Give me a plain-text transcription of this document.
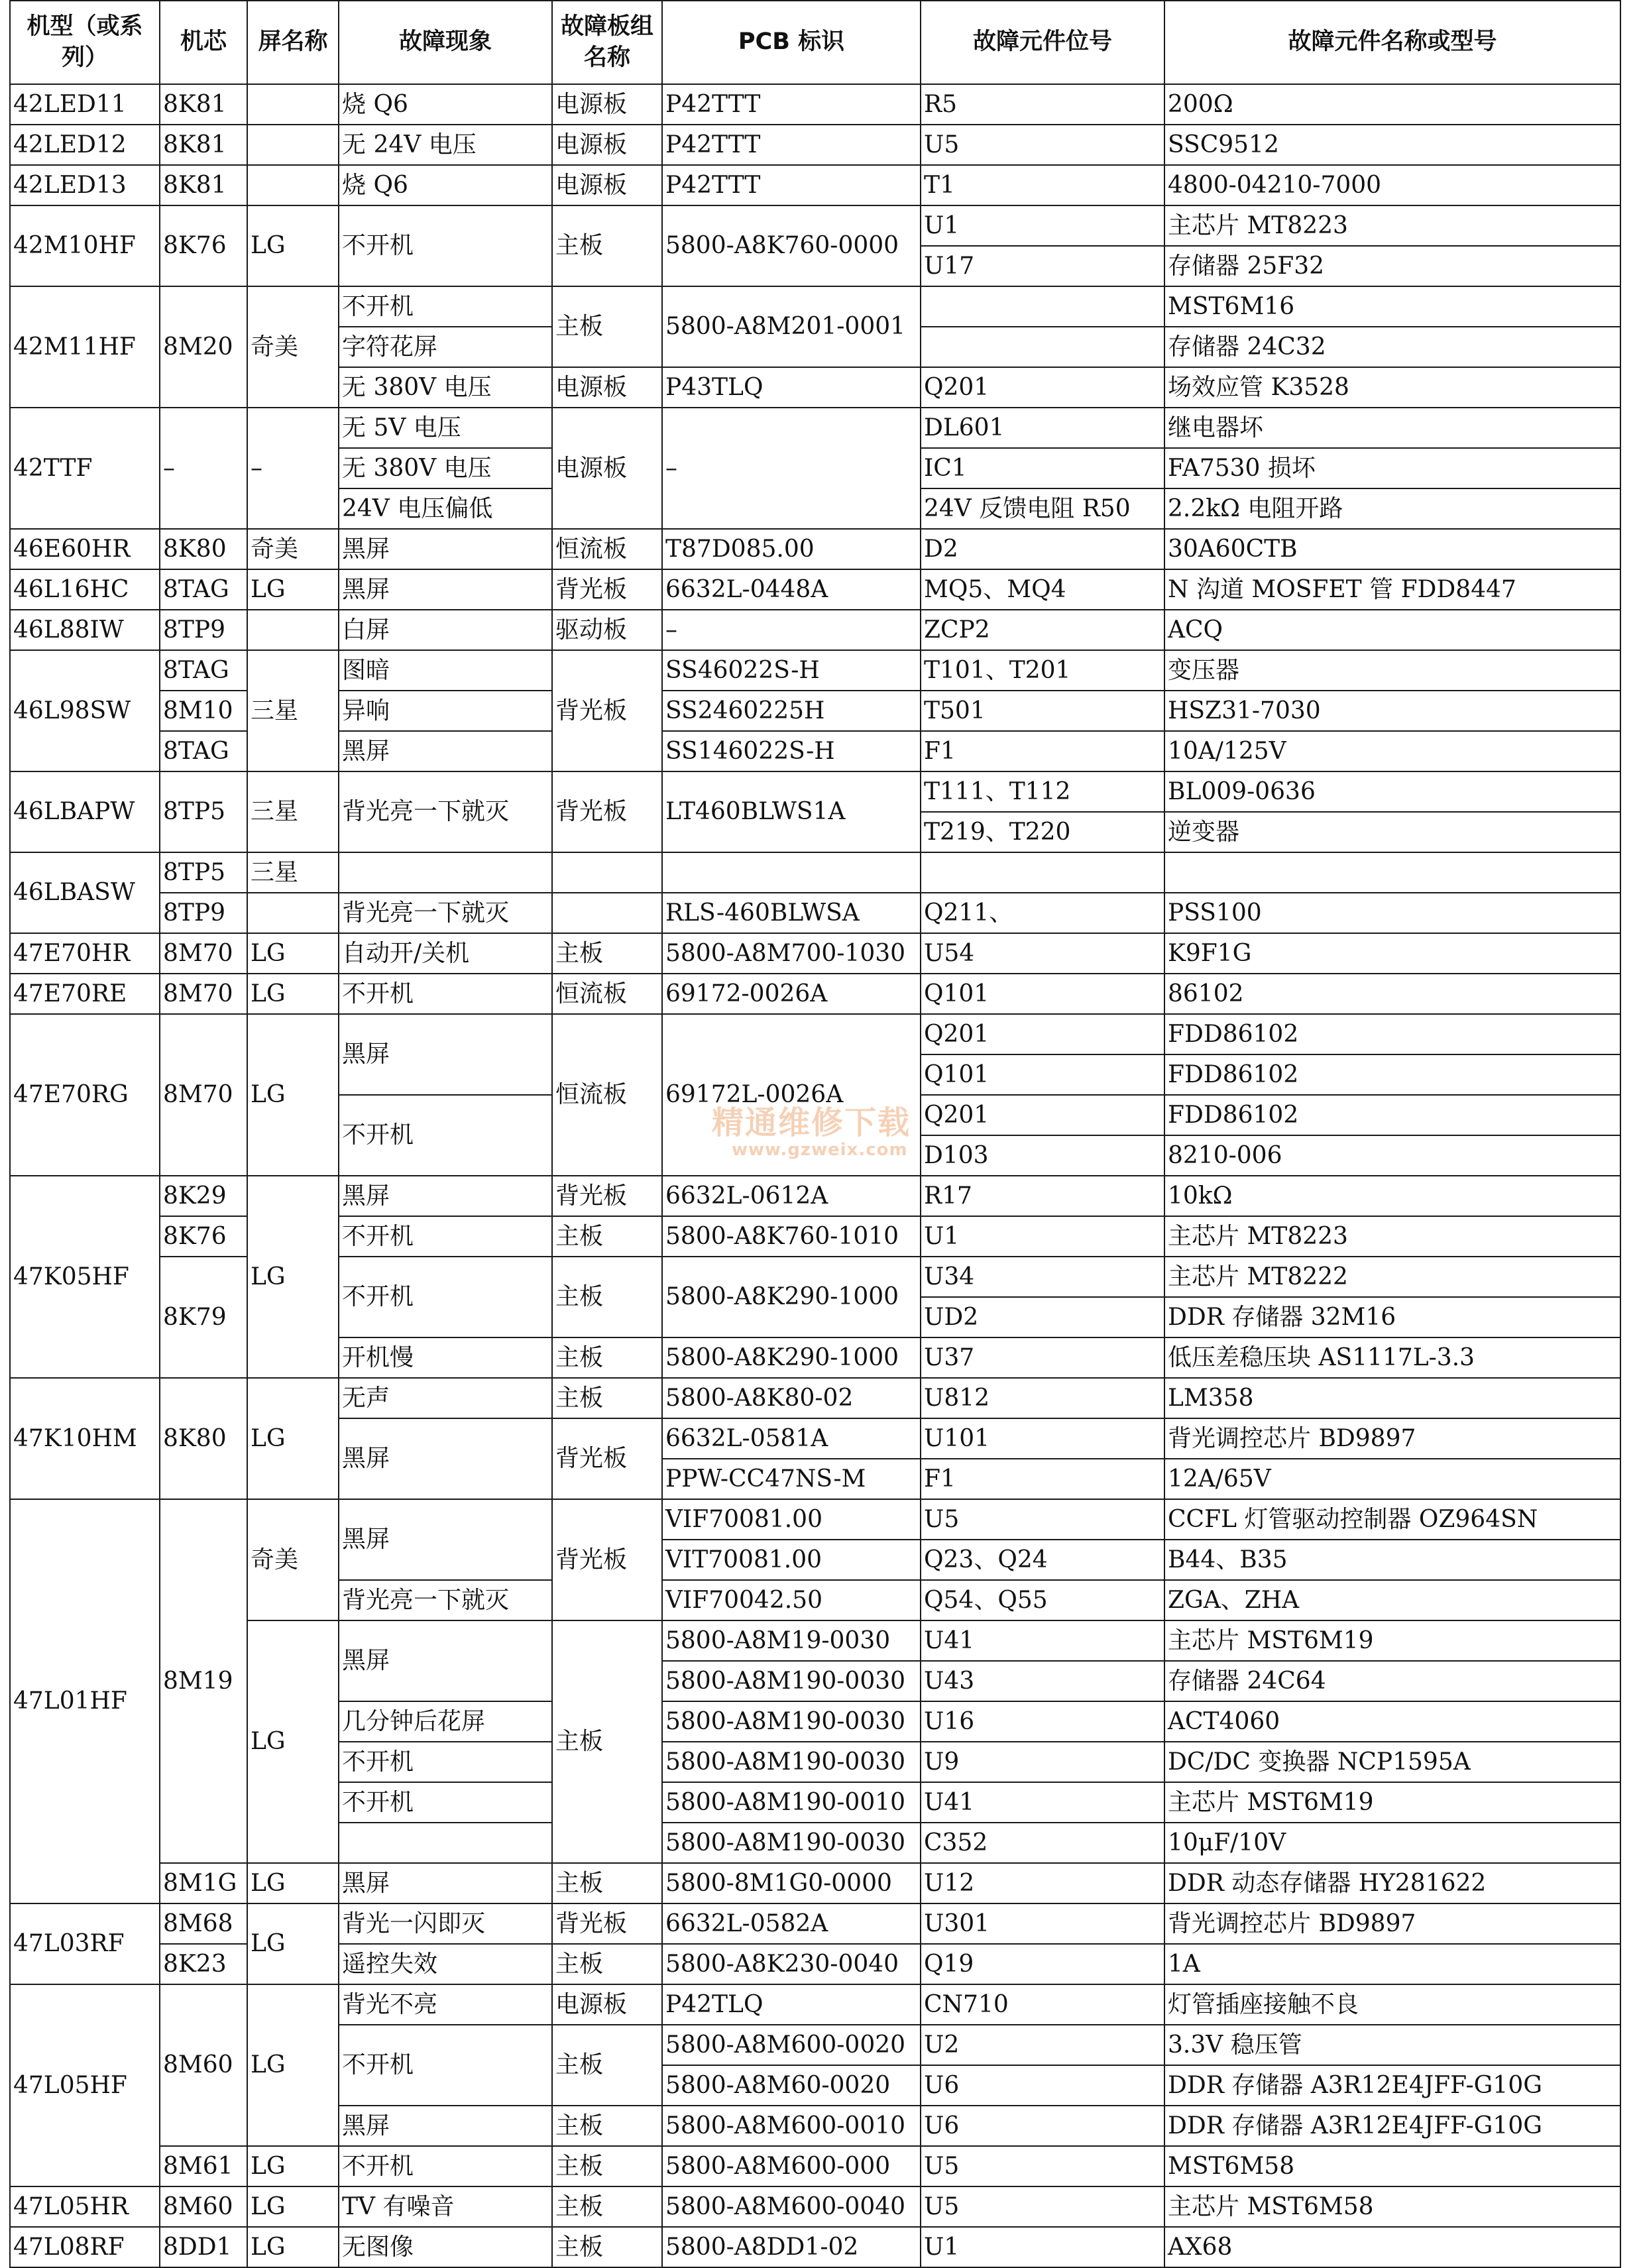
机型（或系列）	机芯	屏名称	故障现象	故障板组名称	PCB 标识	故障元件位号	故障元件名称或型号
42LED11	8K81		烧 Q6	电源板	P42TTT	R5	200Ω
42LED12	8K81		无 24V 电压	电源板	P42TTT	U5	SSC9512
42LED13	8K81		烧 Q6	电源板	P42TTT	T1	4800-04210-7000
42M10HF	8K76	LG	不开机	主板	5800-A8K760-0000	U1	主芯片 MT8223
						U17	存储器 25F32
42M11HF	8M20	奇美	不开机	主板	5800-A8M201-0001		MST6M16
			字符花屏				存储器 24C32
			无 380V 电压	电源板	P43TLQ	Q201	场效应管 K3528
42TTF	–	–	无 5V 电压	电源板	–	DL601	继电器坏
			无 380V 电压			IC1	FA7530 损坏
			24V 电压偏低			24V 反馈电阻 R50	2.2kΩ 电阻开路
46E60HR	8K80	奇美	黑屏	恒流板	T87D085.00	D2	30A60CTB
46L16HC	8TAG	LG	黑屏	背光板	6632L-0448A	MQ5、MQ4	N 沟道 MOSFET 管 FDD8447
46L88IW	8TP9		白屏	驱动板	–	ZCP2	ACQ
46L98SW	8TAG	三星	图暗	背光板	SS46022S-H	T101、T201	变压器
	8M10		异响		SS2460225H	T501	HSZ31-7030
	8TAG		黑屏		SS146022S-H	F1	10A/125V
46LBAPW	8TP5	三星	背光亮一下就灭	背光板	LT460BLWS1A	T111、T112	BL009-0636
						T219、T220	逆变器
46LBASW	8TP5	三星					
	8TP9		背光亮一下就灭		RLS-460BLWSA	Q211、	PSS100
47E70HR	8M70	LG	自动开/关机	主板	5800-A8M700-1030	U54	K9F1G
47E70RE	8M70	LG	不开机	恒流板	69172-0026A	Q101	86102
47E70RG	8M70	LG	黑屏	恒流板	69172L-0026A	Q201	FDD86102
						Q101	FDD86102
			不开机			Q201	FDD86102
						D103	8210-006
47K05HF	8K29	LG	黑屏	背光板	6632L-0612A	R17	10kΩ
	8K76		不开机	主板	5800-A8K760-1010	U1	主芯片 MT8223
	8K79		不开机	主板	5800-A8K290-1000	U34	主芯片 MT8222
						UD2	DDR 存储器 32M16
			开机慢	主板	5800-A8K290-1000	U37	低压差稳压块 AS1117L-3.3
47K10HM	8K80	LG	无声	主板	5800-A8K80-02	U812	LM358
			黑屏	背光板	6632L-0581A	U101	背光调控芯片 BD9897
					PPW-CC47NS-M	F1	12A/65V
47L01HF	8M19	奇美	黑屏	背光板	VIF70081.00	U5	CCFL 灯管驱动控制器 OZ964SN
					VIT70081.00	Q23、Q24	B44、B35
			背光亮一下就灭		VIF70042.50	Q54、Q55	ZGA、ZHA
		LG	黑屏	主板	5800-A8M19-0030	U41	主芯片 MST6M19
					5800-A8M190-0030	U43	存储器 24C64
			几分钟后花屏		5800-A8M190-0030	U16	ACT4060
			不开机		5800-A8M190-0030	U9	DC/DC 变换器 NCP1595A
			不开机		5800-A8M190-0010	U41	主芯片 MST6M19
					5800-A8M190-0030	C352	10μF/10V
	8M1G	LG	黑屏	主板	5800-8M1G0-0000	U12	DDR 动态存储器 HY281622
47L03RF	8M68	LG	背光一闪即灭	背光板	6632L-0582A	U301	背光调控芯片 BD9897
	8K23		遥控失效	主板	5800-A8K230-0040	Q19	1A
47L05HF	8M60	LG	背光不亮	电源板	P42TLQ	CN710	灯管插座接触不良
			不开机	主板	5800-A8M600-0020	U2	3.3V 稳压管
					5800-A8M60-0020	U6	DDR 存储器 A3R12E4JFF-G10G
			黑屏	主板	5800-A8M600-0010	U6	DDR 存储器 A3R12E4JFF-G10G
	8M61	LG	不开机	主板	5800-A8M600-000	U5	MST6M58
47L05HR	8M60	LG	TV 有噪音	主板	5800-A8M600-0040	U5	主芯片 MST6M58
47L08RF	8DD1	LG	无图像	主板	5800-A8DD1-02	U1	AX68
精通维修下载
www.gzweix.com
